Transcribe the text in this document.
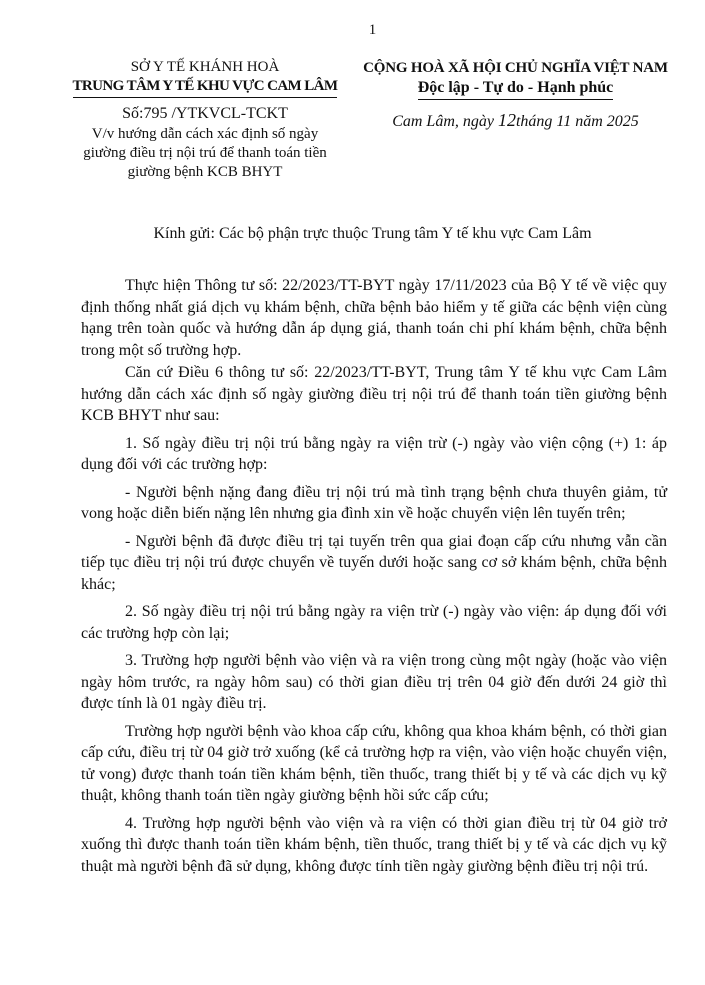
1
SỞ Y TẾ KHÁNH HOÀ
TRUNG TÂM Y TẾ KHU VỰC CAM LÂM
Số:795 /YTKVCL-TCKT
V/v hướng dẫn cách xác định số ngày giường điều trị nội trú để thanh toán tiền giường bệnh KCB BHYT
CỘNG HOÀ XÃ HỘI CHỦ NGHĨA VIỆT NAM
Độc lập - Tự do - Hạnh phúc
Cam Lâm, ngày 12tháng 11 năm 2025
Kính gửi: Các bộ phận trực thuộc Trung tâm Y tế khu vực Cam Lâm

Thực hiện Thông tư số: 22/2023/TT-BYT ngày 17/11/2023 của Bộ Y tế về việc quy định thống nhất giá dịch vụ khám bệnh, chữa bệnh bảo hiểm y tế giữa các bệnh viện cùng hạng trên toàn quốc và hướng dẫn áp dụng giá, thanh toán chi phí khám bệnh, chữa bệnh trong một số trường hợp.

Căn cứ Điều 6 thông tư số: 22/2023/TT-BYT, Trung tâm Y tế khu vực Cam Lâm hướng dẫn cách xác định số ngày giường điều trị nội trú để thanh toán tiền giường bệnh KCB BHYT như sau:

1. Số ngày điều trị nội trú bằng ngày ra viện trừ (-) ngày vào viện cộng (+) 1: áp dụng đối với các trường hợp:

- Người bệnh nặng đang điều trị nội trú mà tình trạng bệnh chưa thuyên giảm, tử vong hoặc diễn biến nặng lên nhưng gia đình xin về hoặc chuyển viện lên tuyến trên;

- Người bệnh đã được điều trị tại tuyến trên qua giai đoạn cấp cứu nhưng vẫn cần tiếp tục điều trị nội trú được chuyển về tuyến dưới hoặc sang cơ sở khám bệnh, chữa bệnh khác;

2. Số ngày điều trị nội trú bằng ngày ra viện trừ (-) ngày vào viện: áp dụng đối với các trường hợp còn lại;

3. Trường hợp người bệnh vào viện và ra viện trong cùng một ngày (hoặc vào viện ngày hôm trước, ra ngày hôm sau) có thời gian điều trị trên 04 giờ đến dưới 24 giờ thì được tính là 01 ngày điều trị.

Trường hợp người bệnh vào khoa cấp cứu, không qua khoa khám bệnh, có thời gian cấp cứu, điều trị từ 04 giờ trở xuống (kể cả trường hợp ra viện, vào viện hoặc chuyển viện, tử vong) được thanh toán tiền khám bệnh, tiền thuốc, trang thiết bị y tế và các dịch vụ kỹ thuật, không thanh toán tiền ngày giường bệnh hồi sức cấp cứu;

4. Trường hợp người bệnh vào viện và ra viện có thời gian điều trị từ 04 giờ trở xuống thì được thanh toán tiền khám bệnh, tiền thuốc, trang thiết bị y tế và các dịch vụ kỹ thuật mà người bệnh đã sử dụng, không được tính tiền ngày giường bệnh điều trị nội trú.
